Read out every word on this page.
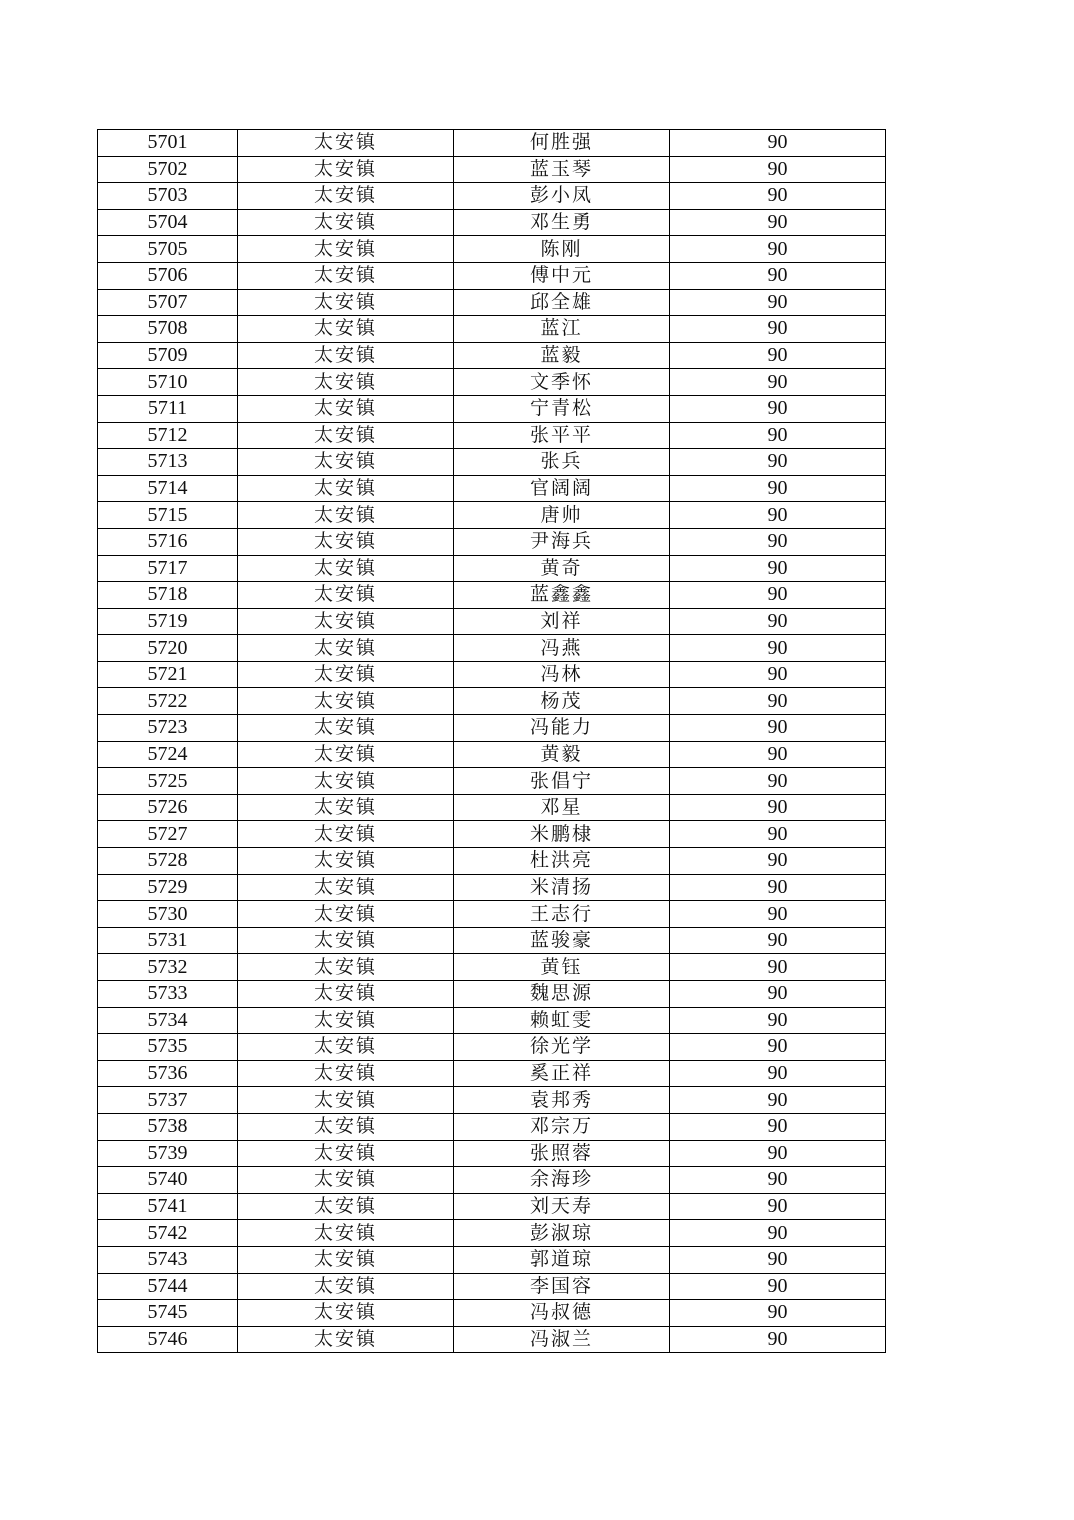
5701	太安镇	何胜强	90
5702	太安镇	蓝玉琴	90
5703	太安镇	彭小凤	90
5704	太安镇	邓生勇	90
5705	太安镇	陈刚	90
5706	太安镇	傅中元	90
5707	太安镇	邱全雄	90
5708	太安镇	蓝江	90
5709	太安镇	蓝毅	90
5710	太安镇	文季怀	90
5711	太安镇	宁青松	90
5712	太安镇	张平平	90
5713	太安镇	张兵	90
5714	太安镇	官阔阔	90
5715	太安镇	唐帅	90
5716	太安镇	尹海兵	90
5717	太安镇	黄奇	90
5718	太安镇	蓝鑫鑫	90
5719	太安镇	刘祥	90
5720	太安镇	冯燕	90
5721	太安镇	冯林	90
5722	太安镇	杨茂	90
5723	太安镇	冯能力	90
5724	太安镇	黄毅	90
5725	太安镇	张倡宁	90
5726	太安镇	邓星	90
5727	太安镇	米鹏棣	90
5728	太安镇	杜洪亮	90
5729	太安镇	米清扬	90
5730	太安镇	王志行	90
5731	太安镇	蓝骏豪	90
5732	太安镇	黄钰	90
5733	太安镇	魏思源	90
5734	太安镇	赖虹雯	90
5735	太安镇	徐光学	90
5736	太安镇	奚正祥	90
5737	太安镇	袁邦秀	90
5738	太安镇	邓宗万	90
5739	太安镇	张照蓉	90
5740	太安镇	余海珍	90
5741	太安镇	刘天寿	90
5742	太安镇	彭淑琼	90
5743	太安镇	郭道琼	90
5744	太安镇	李国容	90
5745	太安镇	冯叔德	90
5746	太安镇	冯淑兰	90
